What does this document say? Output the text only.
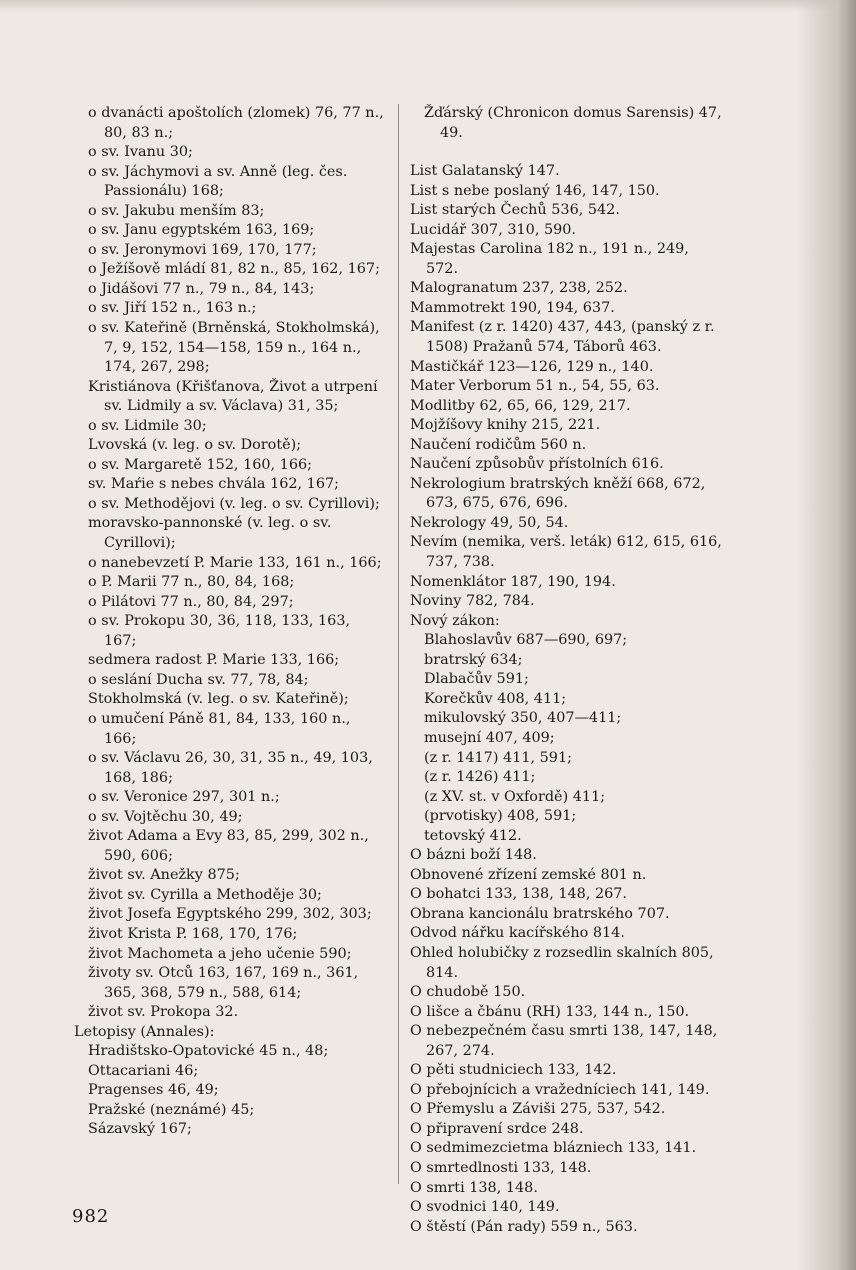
o dvanácti apoštolích (zlomek) 76, 77 n., 80, 83 n.;
o sv. Ivanu 30;
o sv. Jáchymovi a sv. Anně (leg. čes. Passionálu) 168;
o sv. Jakubu menším 83;
o sv. Janu egyptském 163, 169;
o sv. Jeronymovi 169, 170, 177;
o Ježíšově mládí 81, 82 n., 85, 162, 167;
o Jidášovi 77 n., 79 n., 84, 143;
o sv. Jiří 152 n., 163 n.;
o sv. Kateřině (Brněnská, Stokholmská), 7, 9, 152, 154—158, 159 n., 164 n., 174, 267, 298;
Kristiánova (Křišťanova, Život a utrpení sv. Lidmily a sv. Václava) 31, 35;
o sv. Lidmile 30;
Lvovská (v. leg. o sv. Dorotě);
o sv. Margaretě 152, 160, 166;
sv. Maŕie s nebes chvála 162, 167;
o sv. Methodějovi (v. leg. o sv. Cyrillovi);
moravsko-pannonské (v. leg. o sv. Cyrillovi);
o nanebevzetí P. Marie 133, 161 n., 166;
o P. Marii 77 n., 80, 84, 168;
o Pilátovi 77 n., 80, 84, 297;
o sv. Prokopu 30, 36, 118, 133, 163, 167;
sedmera radost P. Marie 133, 166;
o seslání Ducha sv. 77, 78, 84;
Stokholmská (v. leg. o sv. Kateřině);
o umučení Páně 81, 84, 133, 160 n., 166;
o sv. Václavu 26, 30, 31, 35 n., 49, 103, 168, 186;
o sv. Veronice 297, 301 n.;
o sv. Vojtěchu 30, 49;
život Adama a Evy 83, 85, 299, 302 n., 590, 606;
život sv. Anežky 875;
život sv. Cyrilla a Methoděje 30;
život Josefa Egyptského 299, 302, 303;
život Krista P. 168, 170, 176;
život Machometa a jeho učenie 590;
životy sv. Otců 163, 167, 169 n., 361, 365, 368, 579 n., 588, 614;
život sv. Prokopa 32.
Letopisy (Annales):
Hradištsko-Opatovické 45 n., 48;
Ottacariani 46;
Pragenses 46, 49;
Pražské (neznámé) 45;
Sázavský 167;
Žďárský (Chronicon domus Sarensis) 47, 49.
List Galatanský 147.
List s nebe poslaný 146, 147, 150.
List starých Čechů 536, 542.
Lucidář 307, 310, 590.
Majestas Carolina 182 n., 191 n., 249, 572.
Malogranatum 237, 238, 252.
Mammotrekt 190, 194, 637.
Manifest (z r. 1420) 437, 443, (panský z r. 1508) Pražanů 574, Táborů 463.
Mastičkář 123—126, 129 n., 140.
Mater Verborum 51 n., 54, 55, 63.
Modlitby 62, 65, 66, 129, 217.
Mojžíšovy knihy 215, 221.
Naučení rodičům 560 n.
Naučení způsobův přístolních 616.
Nekrologium bratrských kněží 668, 672, 673, 675, 676, 696.
Nekrology 49, 50, 54.
Nevím (nemika, verš. leták) 612, 615, 616, 737, 738.
Nomenklátor 187, 190, 194.
Noviny 782, 784.
Nový zákon:
Blahoslavův 687—690, 697;
bratrský 634;
Dlabačův 591;
Korečkův 408, 411;
mikulovský 350, 407—411;
musejní 407, 409;
(z r. 1417) 411, 591;
(z r. 1426) 411;
(z XV. st. v Oxfordě) 411;
(prvotisky) 408, 591;
tetovský 412.
O bázni boží 148.
Obnovené zřízení zemské 801 n.
O bohatci 133, 138, 148, 267.
Obrana kancionálu bratrského 707.
Odvod nářku kacířského 814.
Ohled holubičky z rozsedlin skalních 805, 814.
O chudobě 150.
O lišce a čbánu (RH) 133, 144 n., 150.
O nebezpečném času smrti 138, 147, 148, 267, 274.
O pěti studniciech 133, 142.
O přebojnícich a vražedníciech 141, 149.
O Přemyslu a Záviši 275, 537, 542.
O připravení srdce 248.
O sedmimezcietma blázniech 133, 141.
O smrtedlnosti 133, 148.
O smrti 138, 148.
O svodnici 140, 149.
O štěstí (Pán rady) 559 n., 563.
982
